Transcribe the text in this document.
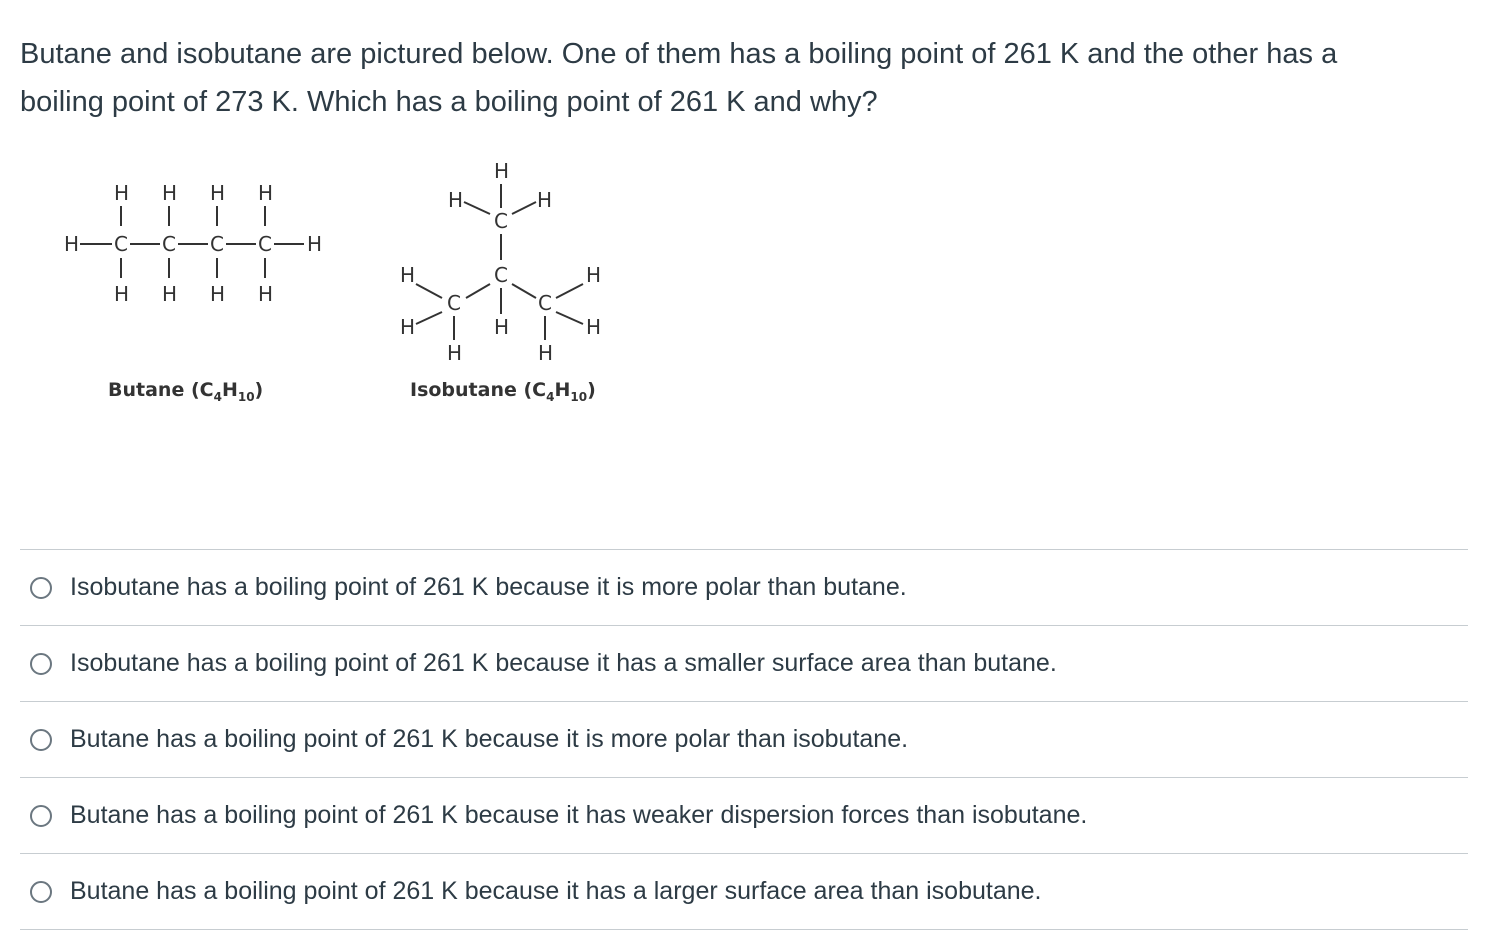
Butane and isobutane are pictured below. One of them has a boiling point of 261 K and the other has a
boiling point of 273 K. Which has a boiling point of 261 K and why?
H H H H
H C C C C H
H H H H
Butane $(C_4H_{10})$
H
H	H
C
C
C
H
H
H
H
C
H
H
H
Isobutane $(C_4H_{10})$
Isobutane has a boiling point of 261 K because it is more polar than butane.
Isobutane has a boiling point of 261 K because it has a smaller surface area than butane.
Butane has a boiling point of 261 K because it is more polar than isobutane.
Butane has a boiling point of 261 K because it has weaker dispersion forces than isobutane.
Butane has a boiling point of 261 K because it has a larger surface area than isobutane.
